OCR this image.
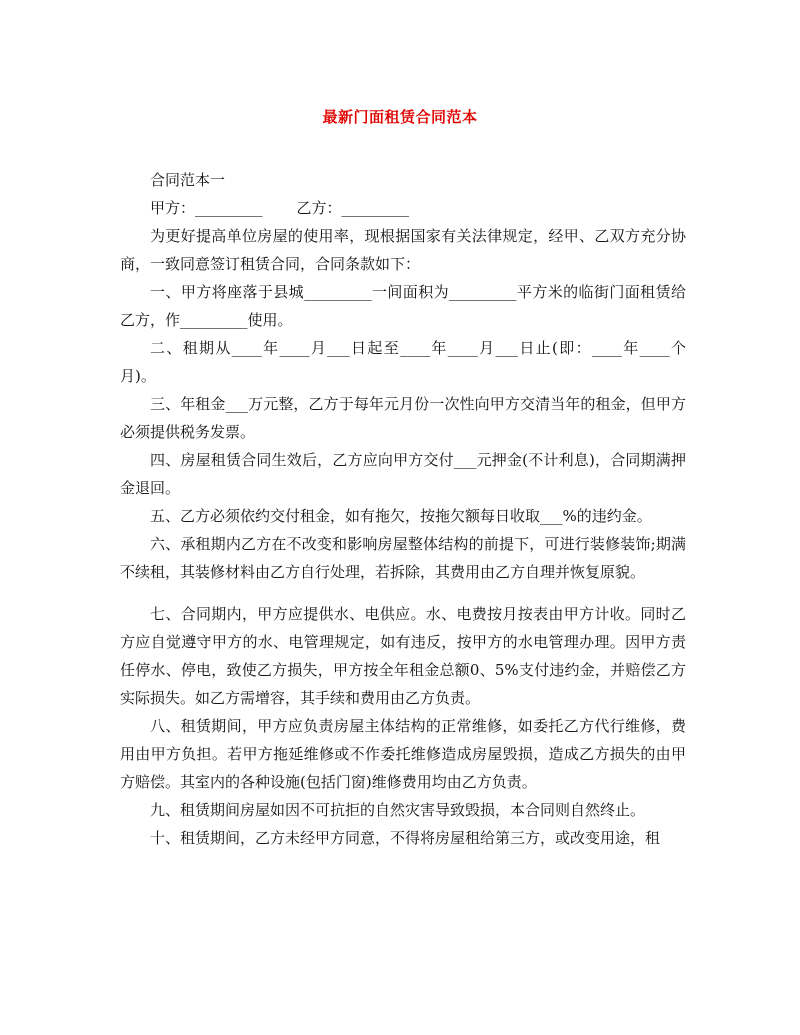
最新门面租赁合同范本
合同范本一
甲方：_________ 乙方：_________

为更好提高单位房屋的使用率，现根据国家有关法律规定，经甲、乙双方充分协商，一致同意签订租赁合同，合同条款如下：

一、甲方将座落于县城_________一间面积为_________平方米的临街门面租赁给乙方，作_________使用。

二、租期从____年____月___日起至____年____月___日止(即：____年____个月)。

三、年租金___万元整，乙方于每年元月份一次性向甲方交清当年的租金，但甲方必须提供税务发票。

四、房屋租赁合同生效后，乙方应向甲方交付___元押金(不计利息)，合同期满押金退回。

五、乙方必须依约交付租金，如有拖欠，按拖欠额每日收取___%的违约金。

六、承租期内乙方在不改变和影响房屋整体结构的前提下，可进行装修装饰;期满不续租，其装修材料由乙方自行处理，若拆除，其费用由乙方自理并恢复原貌。

七、合同期内，甲方应提供水、电供应。水、电费按月按表由甲方计收。同时乙方应自觉遵守甲方的水、电管理规定，如有违反，按甲方的水电管理办理。因甲方责任停水、停电，致使乙方损失，甲方按全年租金总额0、5%支付违约金，并赔偿乙方实际损失。如乙方需增容，其手续和费用由乙方负责。

八、租赁期间，甲方应负责房屋主体结构的正常维修，如委托乙方代行维修，费用由甲方负担。若甲方拖延维修或不作委托维修造成房屋毁损，造成乙方损失的由甲方赔偿。其室内的各种设施(包括门窗)维修费用均由乙方负责。

九、租赁期间房屋如因不可抗拒的自然灾害导致毁损，本合同则自然终止。

十、租赁期间，乙方未经甲方同意，不得将房屋租给第三方，或改变用途，租
